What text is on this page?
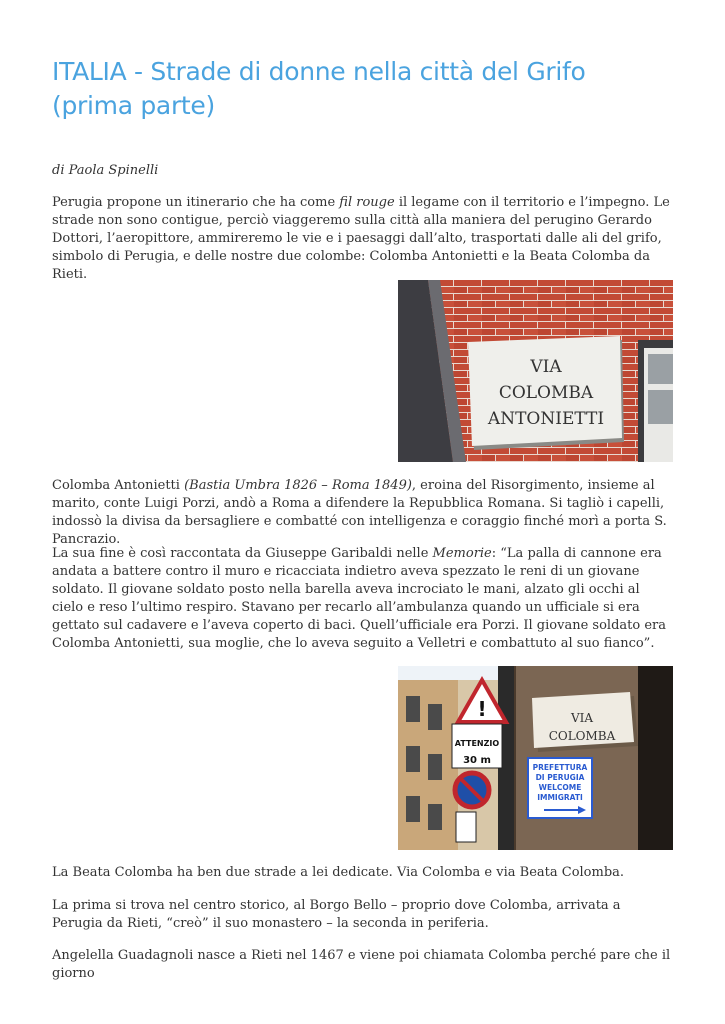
ITALIA - Strade di donne nella città del Grifo (prima parte)

di Paola Spinelli

Perugia propone un itinerario che ha come fil rouge il legame con il territorio e l’impegno. Le strade non sono contigue, perciò viaggeremo sulla città alla maniera del perugino Gerardo Dottori, l’aeropittore, ammireremo le vie e i paesaggi dall’alto, trasportati dalle ali del grifo, simbolo di Perugia, e delle nostre due colombe: Colomba Antonietti e la Beata Colomba da Rieti.

VIA
COLOMBA
ANTONIETTI

Colomba Antonietti (Bastia Umbra 1826 – Roma 1849), eroina del Risorgimento, insieme al marito, conte Luigi Porzi, andò a Roma a difendere la Repubblica Romana. Si tagliò i capelli, indossò la divisa da bersagliere e combatté con intelligenza e coraggio finché morì a porta S. Pancrazio.

La sua fine è così raccontata da Giuseppe Garibaldi nelle Memorie: “La palla di cannone era andata a battere contro il muro e ricacciata indietro aveva spezzato le reni di un giovane soldato. Il giovane soldato posto nella barella aveva incrociato le mani, alzato gli occhi al cielo e reso l’ultimo respiro. Stavano per recarlo all’ambulanza quando un ufficiale si era gettato sul cadavere e l’aveva coperto di baci. Quell’ufficiale era Porzi. Il giovane soldato era Colomba Antonietti, sua moglie, che lo aveva seguito a Velletri e combattuto al suo fianco”.

!
ATTENZIO
30 m
VIA
COLOMBA
PREFETTURA
DI PERUGIA
WELCOME
IMMIGRATI

La Beata Colomba ha ben due strade a lei dedicate. Via Colomba e via Beata Colomba.

La prima si trova nel centro storico, al Borgo Bello – proprio dove Colomba, arrivata a Perugia da Rieti, “creò” il suo monastero – la seconda in periferia.

Angelella Guadagnoli nasce a Rieti nel 1467 e viene poi chiamata Colomba perché pare che il giorno
